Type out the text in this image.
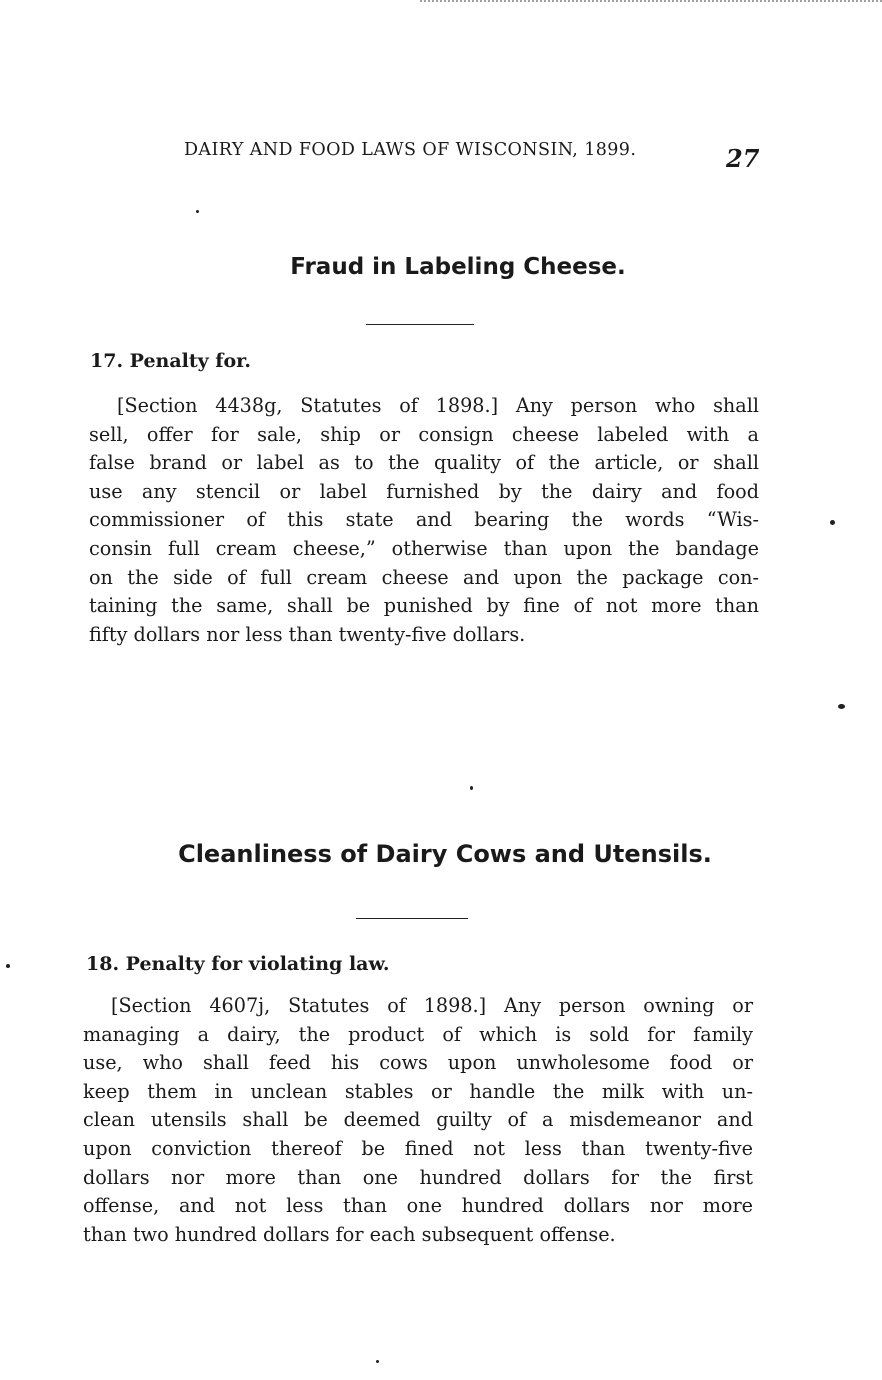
DAIRY AND FOOD LAWS OF WISCONSIN, 1899.	27
Fraud in Labeling Cheese.
17. Penalty for.
[Section 4438g, Statutes of 1898.] Any person who shall
sell, offer for sale, ship or consign cheese labeled with a
false brand or label as to the quality of the article, or shall
use any stencil or label furnished by the dairy and food
commissioner of this state and bearing the words “Wis-
consin full cream cheese,” otherwise than upon the bandage
on the side of full cream cheese and upon the package con-
taining the same, shall be punished by fine of not more than
fifty dollars nor less than twenty-five dollars.
Cleanliness of Dairy Cows and Utensils.
18. Penalty for violating law.
[Section 4607j, Statutes of 1898.] Any person owning or
managing a dairy, the product of which is sold for family
use, who shall feed his cows upon unwholesome food or
keep them in unclean stables or handle the milk with un-
clean utensils shall be deemed guilty of a misdemeanor and
upon conviction thereof be fined not less than twenty-five
dollars nor more than one hundred dollars for the first
offense, and not less than one hundred dollars nor more
than two hundred dollars for each subsequent offense.
